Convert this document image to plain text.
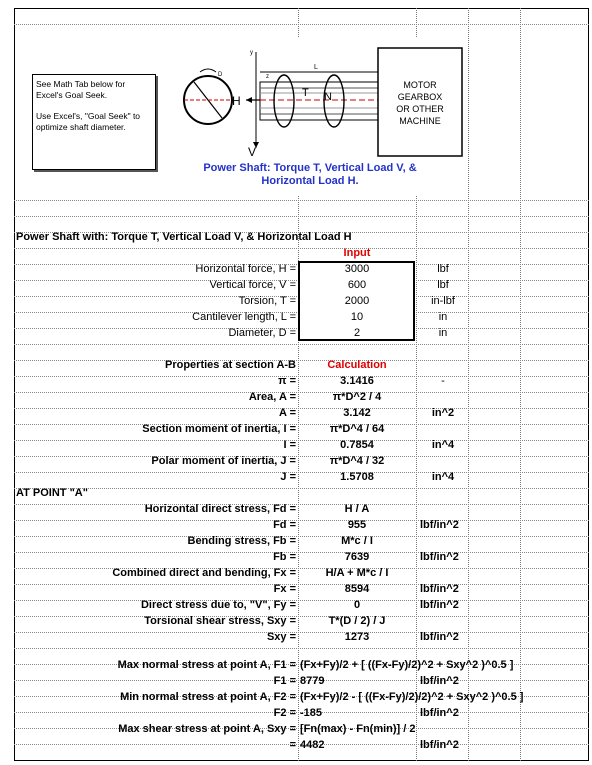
D
H
V
y
T N
L
z
MOTOR
GEARBOX
OR OTHER
MACHINE
Power Shaft: Torque T, Vertical Load V, &
Horizontal Load H.

See Math Tab below for Excel's Goal Seek.

Use Excel's, "Goal Seek" to optimize shaft diameter.

Power Shaft with: Torque T, Vertical Load V, & Horizontal Load H
Input
Horizontal force, H =	3000	lbf
Vertical force, V =	600	lbf
Torsion, T =	2000	in-lbf
Cantilever length, L =	10	in
Diameter, D =	2	in
Properties at section A-B	Calculation
π =	3.1416	-
Area, A =	π*D^2 / 4
A =	3.142	in^2
Section moment of inertia, I =	π*D^4 / 64
I =	0.7854	in^4
Polar moment of inertia, J =	π*D^4 / 32
J =	1.5708	in^4
AT POINT "A"
Horizontal direct stress, Fd =	H / A
Fd =	955	lbf/in^2
Bending stress, Fb =	M*c / I
Fb =	7639	lbf/in^2
Combined direct and bending, Fx =	H/A + M*c / I
Fx =	8594	lbf/in^2
Direct stress due to, "V", Fy =	0	lbf/in^2
Torsional shear stress, Sxy =	T*(D / 2) / J
Sxy =	1273	lbf/in^2
Max normal stress at point A, F1 = (Fx+Fy)/2 + [ ((Fx-Fy)/2)^2 + Sxy^2 )^0.5 ]
F1 = 8779	lbf/in^2
Min normal stress at point A, F2 = (Fx+Fy)/2 - [ ((Fx-Fy)/2)/2)^2 + Sxy^2 )^0.5 ]
F2 = -185	lbf/in^2
Max shear stress at point A, Sxy = [Fn(max) - Fn(min)] / 2
= 4482	lbf/in^2
